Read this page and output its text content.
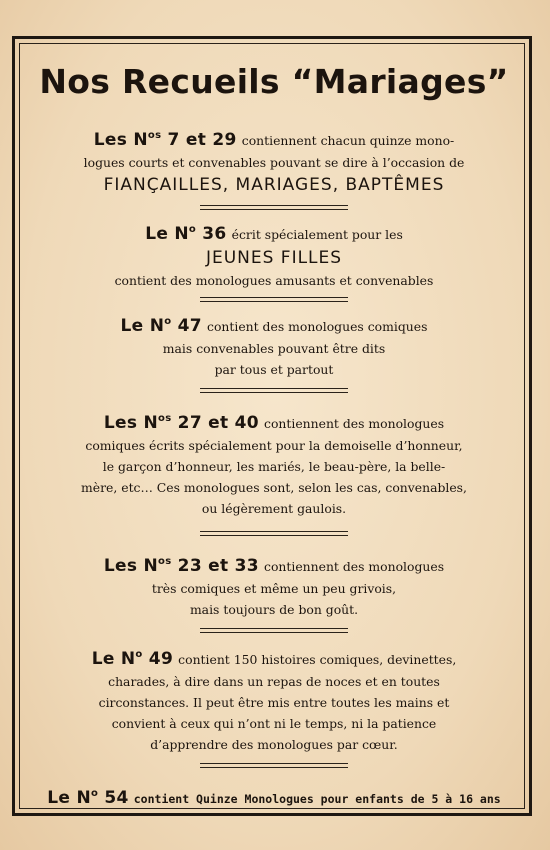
Nos Recueils “Mariages”
Les $N^{os}$ 7 et 29 contiennent chacun quinze mono-
logues courts et convenables pouvant se dire à l’occasion de
FIANÇAILLES, MARIAGES, BAPTÊMES
Le $N^o$ 36 écrit spécialement pour les
JEUNES FILLES
contient des monologues amusants et convenables
Le $N^o$ 47 contient des monologues comiques
mais convenables pouvant être dits
par tous et partout
Les $N^{os}$ 27 et 40 contiennent des monologues
comiques écrits spécialement pour la demoiselle d’honneur,
le garçon d’honneur, les mariés, le beau-père, la belle-
mère, etc… Ces monologues sont, selon les cas, convenables,
ou légèrement gaulois.
Les $N^{os}$ 23 et 33 contiennent des monologues
très comiques et même un peu grivois,
mais toujours de bon goût.
Le $N^o$ 49 contient 150 histoires comiques, devinettes,
charades, à dire dans un repas de noces et en toutes
circonstances. Il peut être mis entre toutes les mains et
convient à ceux qui n’ont ni le temps, ni la patience
d’apprendre des monologues par cœur.
Le $N^o$ 54 contient Quinze Monologues pour enfants de 5 à 16 ans
